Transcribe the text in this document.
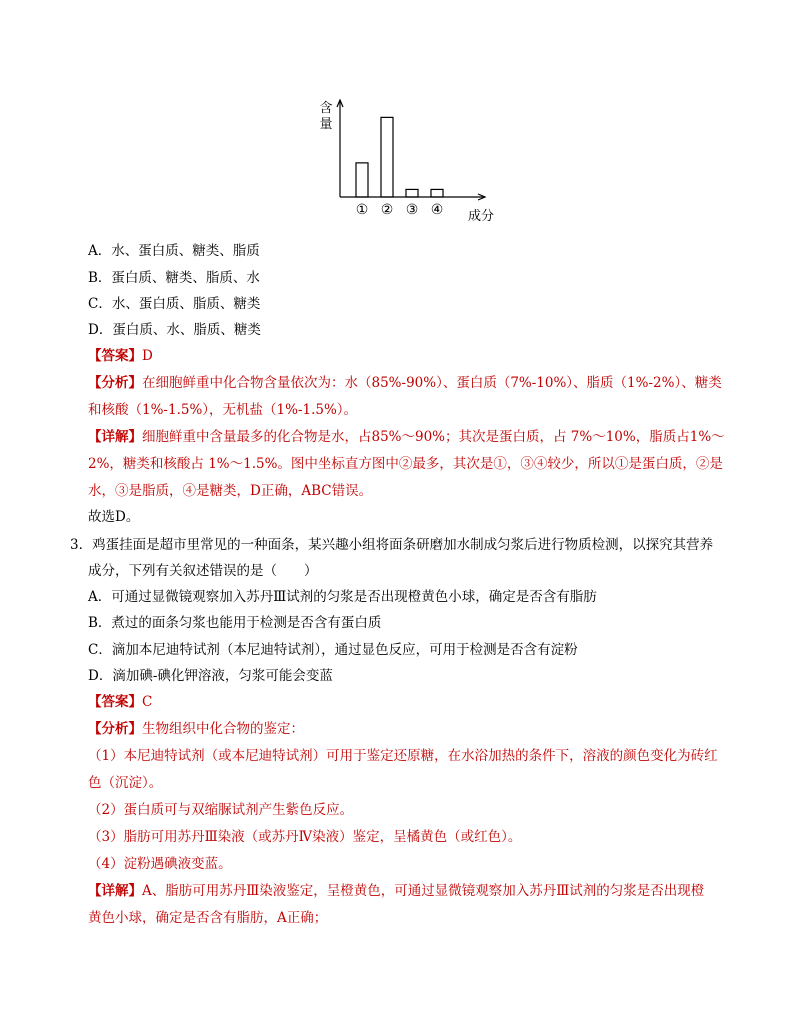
① ② ③ ④
含
量
成分
A．水、蛋白质、糖类、脂质
B．蛋白质、糖类、脂质、水
C．水、蛋白质、脂质、糖类
D．蛋白质、水、脂质、糖类
【答案】D
【分析】在细胞鲜重中化合物含量依次为：水（85%-90%）、蛋白质（7%-10%）、脂质（1%-2%）、糖类
和核酸（1%-1.5%），无机盐（1%-1.5%）。
【详解】细胞鲜重中含量最多的化合物是水，占85%～90%；其次是蛋白质，占 7%～10%，脂质占1%～
2%，糖类和核酸占 1%～1.5%。图中坐标直方图中②最多，其次是①，③④较少，所以①是蛋白质，②是
水，③是脂质，④是糖类，D正确，ABC错误。
故选D。
3．鸡蛋挂面是超市里常见的一种面条，某兴趣小组将面条研磨加水制成匀浆后进行物质检测，以探究其营养
成分，下列有关叙述错误的是（　　）
A．可通过显微镜观察加入苏丹Ⅲ试剂的匀浆是否出现橙黄色小球，确定是否含有脂肪
B．煮过的面条匀浆也能用于检测是否含有蛋白质
C．滴加本尼迪特试剂（本尼迪特试剂），通过显色反应，可用于检测是否含有淀粉
D．滴加碘-碘化钾溶液，匀浆可能会变蓝
【答案】C
【分析】生物组织中化合物的鉴定：
（1）本尼迪特试剂（或本尼迪特试剂）可用于鉴定还原糖，在水浴加热的条件下，溶液的颜色变化为砖红
色（沉淀）。
（2）蛋白质可与双缩脲试剂产生紫色反应。
（3）脂肪可用苏丹Ⅲ染液（或苏丹Ⅳ染液）鉴定，呈橘黄色（或红色）。
（4）淀粉遇碘液变蓝。
【详解】A、脂肪可用苏丹Ⅲ染液鉴定，呈橙黄色，可通过显微镜观察加入苏丹Ⅲ试剂的匀浆是否出现橙
黄色小球，确定是否含有脂肪，A正确；
